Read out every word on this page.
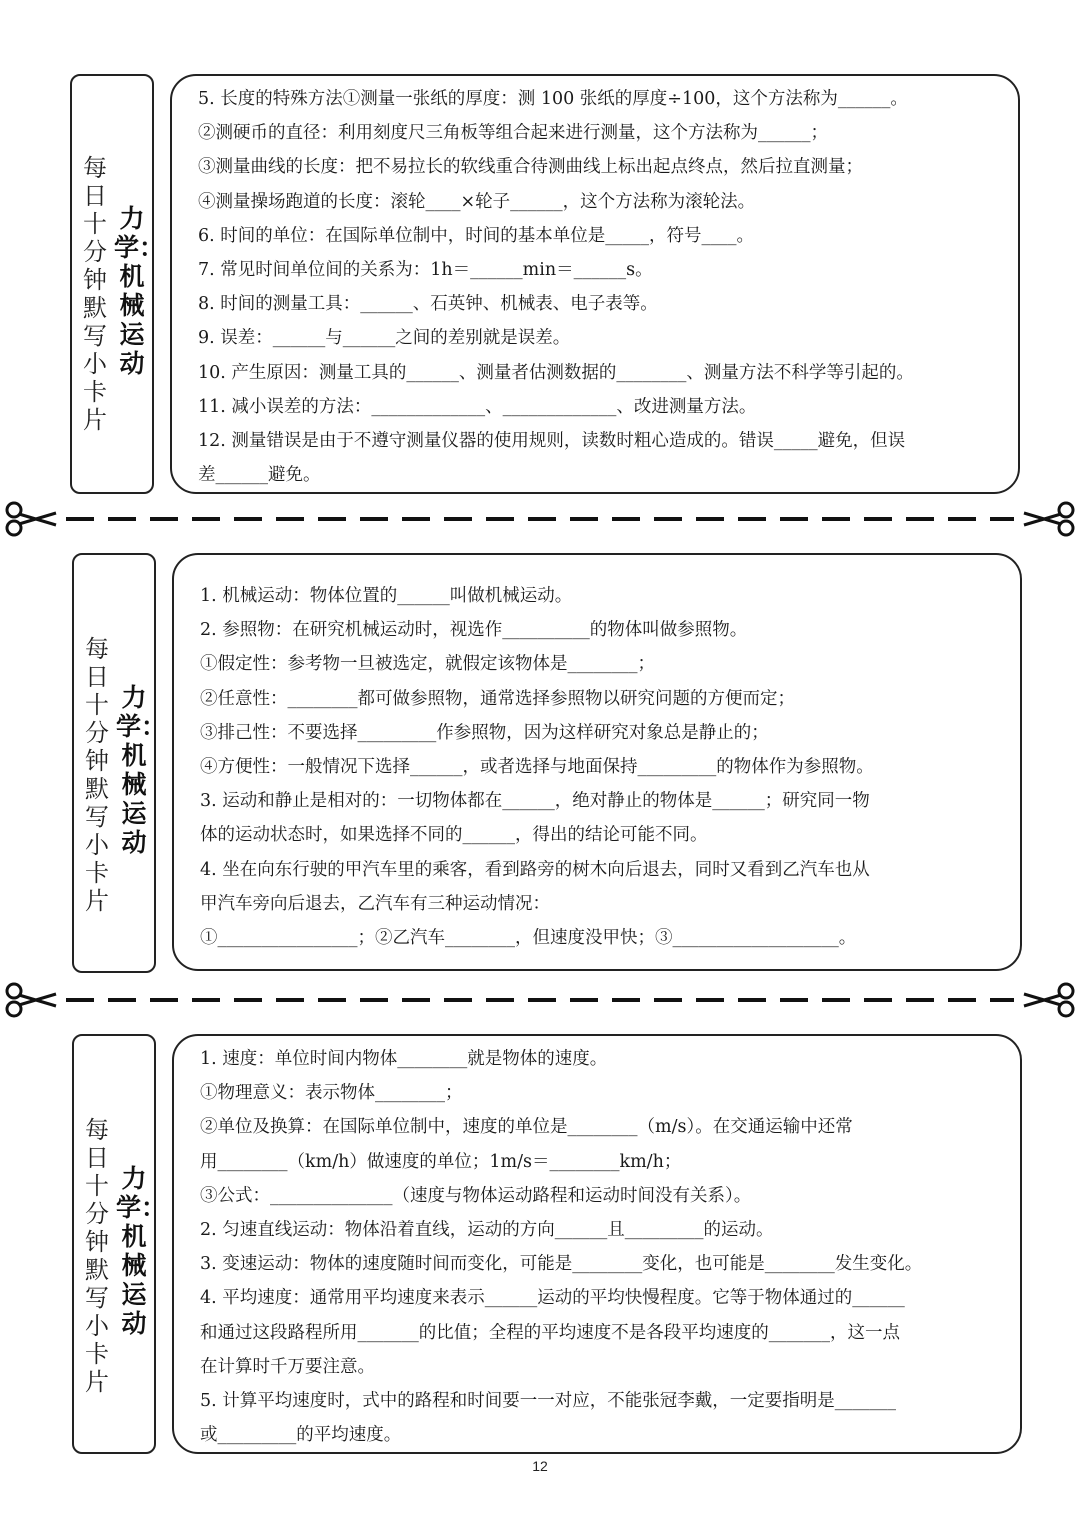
每日十分钟默写小卡片
力学：机械运动
5. 长度的特殊方法①测量一张纸的厚度：测 100 张纸的厚度÷100，这个方法称为______。
②测硬币的直径：利用刻度尺三角板等组合起来进行测量，这个方法称为______；
③测量曲线的长度：把不易拉长的软线重合待测曲线上标出起点终点，然后拉直测量；
④测量操场跑道的长度：滚轮____×轮子______，这个方法称为滚轮法。
6. 时间的单位：在国际单位制中，时间的基本单位是_____，符号____。
7. 常见时间单位间的关系为：1h＝______min＝______s。
8. 时间的测量工具：______、石英钟、机械表、电子表等。
9. 误差：______与______之间的差别就是误差。
10. 产生原因：测量工具的______、测量者估测数据的________、测量方法不科学等引起的。
11. 减小误差的方法：_____________、_____________、改进测量方法。
12. 测量错误是由于不遵守测量仪器的使用规则，读数时粗心造成的。错误_____避免，但误
差______避免。
每日十分钟默写小卡片
力学：机械运动
1. 机械运动：物体位置的______叫做机械运动。
2. 参照物：在研究机械运动时，视选作__________的物体叫做参照物。
①假定性：参考物一旦被选定，就假定该物体是________；
②任意性：________都可做参照物，通常选择参照物以研究问题的方便而定；
③排己性：不要选择_________作参照物，因为这样研究对象总是静止的；
④方便性：一般情况下选择______，或者选择与地面保持_________的物体作为参照物。
3. 运动和静止是相对的：一切物体都在______，绝对静止的物体是______；研究同一物
体的运动状态时，如果选择不同的______，得出的结论可能不同。
4. 坐在向东行驶的甲汽车里的乘客，看到路旁的树木向后退去，同时又看到乙汽车也从
甲汽车旁向后退去，乙汽车有三种运动情况：
①________________；②乙汽车________，但速度没甲快；③___________________。
每日十分钟默写小卡片
力学：机械运动
1. 速度：单位时间内物体________就是物体的速度。
①物理意义：表示物体________；
②单位及换算：在国际单位制中，速度的单位是________（m/s）。在交通运输中还常
用________（km/h）做速度的单位；1m/s＝________km/h；
③公式：______________（速度与物体运动路程和运动时间没有关系）。
2. 匀速直线运动：物体沿着直线，运动的方向______且_________的运动。
3. 变速运动：物体的速度随时间而变化，可能是________变化，也可能是________发生变化。
4. 平均速度：通常用平均速度来表示______运动的平均快慢程度。它等于物体通过的______
和通过这段路程所用_______的比值；全程的平均速度不是各段平均速度的_______，这一点
在计算时千万要注意。
5. 计算平均速度时，式中的路程和时间要一一对应，不能张冠李戴，一定要指明是_______
或_________的平均速度。
12
